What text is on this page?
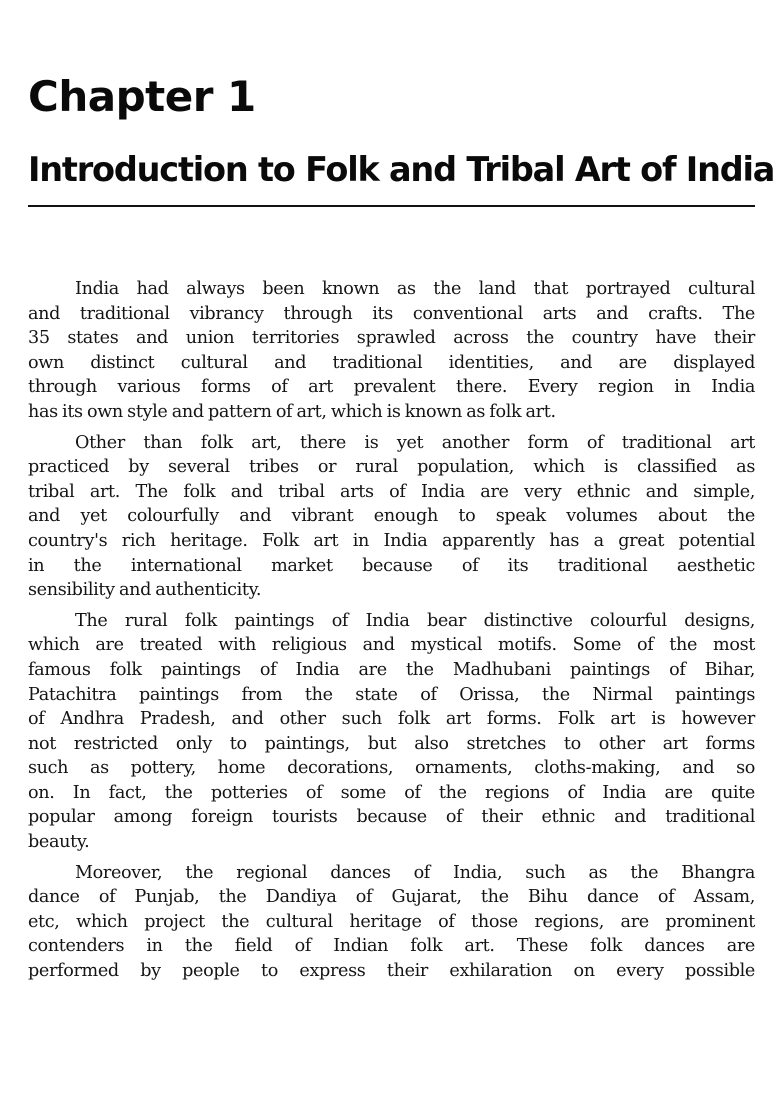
Chapter 1
Introduction to Folk and Tribal Art of India

India had always been known as the land that portrayed cultural
and traditional vibrancy through its conventional arts and crafts. The
35 states and union territories sprawled across the country have their
own distinct cultural and traditional identities, and are displayed
through various forms of art prevalent there. Every region in India
has its own style and pattern of art, which is known as folk art.

Other than folk art, there is yet another form of traditional art
practiced by several tribes or rural population, which is classified as
tribal art. The folk and tribal arts of India are very ethnic and simple,
and yet colourfully and vibrant enough to speak volumes about the
country's rich heritage. Folk art in India apparently has a great potential
in the international market because of its traditional aesthetic
sensibility and authenticity.

The rural folk paintings of India bear distinctive colourful designs,
which are treated with religious and mystical motifs. Some of the most
famous folk paintings of India are the Madhubani paintings of Bihar,
Patachitra paintings from the state of Orissa, the Nirmal paintings
of Andhra Pradesh, and other such folk art forms. Folk art is however
not restricted only to paintings, but also stretches to other art forms
such as pottery, home decorations, ornaments, cloths-making, and so
on. In fact, the potteries of some of the regions of India are quite
popular among foreign tourists because of their ethnic and traditional
beauty.

Moreover, the regional dances of India, such as the Bhangra
dance of Punjab, the Dandiya of Gujarat, the Bihu dance of Assam,
etc, which project the cultural heritage of those regions, are prominent
contenders in the field of Indian folk art. These folk dances are
performed by people to express their exhilaration on every possible
